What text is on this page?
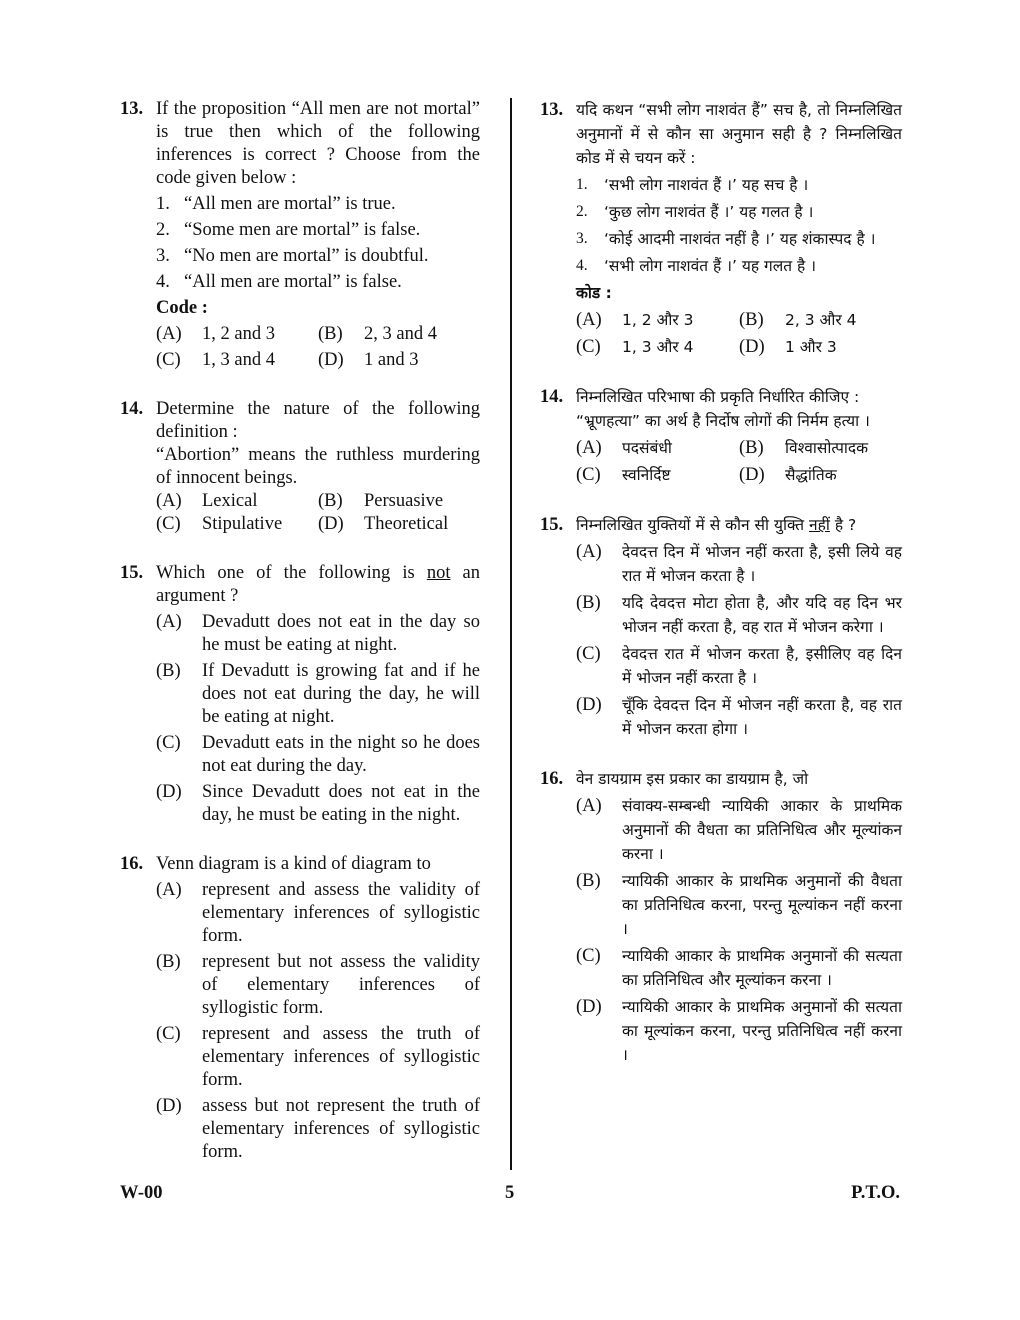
13. If the proposition “All men are not mortal” is true then which of the following inferences is correct ? Choose from the code given below :
1. “All men are mortal” is true.
2. “Some men are mortal” is false.
3. “No men are mortal” is doubtful.
4. “All men are mortal” is false.
Code :
(A)	1, 2 and 3	(B)	2, 3 and 4
(C)	1, 3 and 4	(D)	1 and 3
14. Determine the nature of the following definition :
“Abortion” means the ruthless murdering of innocent beings.
(A)	Lexical	(B)	Persuasive
(C)	Stipulative	(D)	Theoretical
15. Which one of the following is not an argument ?
(A)	Devadutt does not eat in the day so he must be eating at night.
(B)	If Devadutt is growing fat and if he does not eat during the day, he will be eating at night.
(C)	Devadutt eats in the night so he does not eat during the day.
(D)	Since Devadutt does not eat in the day, he must be eating in the night.
16. Venn diagram is a kind of diagram to
(A)	represent and assess the validity of elementary inferences of syllogistic form.
(B)	represent but not assess the validity of elementary inferences of syllogistic form.
(C)	represent and assess the truth of elementary inferences of syllogistic form.
(D)	assess but not represent the truth of elementary inferences of syllogistic form.
13. यदि कथन “सभी लोग नाशवंत हैं” सच है, तो निम्नलिखित अनुमानों में से कौन सा अनुमान सही है ? निम्नलिखित कोड में से चयन करें :
1.	‘सभी लोग नाशवंत हैं ।’ यह सच है ।
2.	‘कुछ लोग नाशवंत हैं ।’ यह गलत है ।
3.	‘कोई आदमी नाशवंत नहीं है ।’ यह शंकास्पद है ।
4.	‘सभी लोग नाशवंत हैं ।’ यह गलत है ।
कोड :
(A)	1, 2 और 3	(B)	2, 3 और 4
(C)	1, 3 और 4	(D)	1 और 3
14. निम्नलिखित परिभाषा की प्रकृति निर्धारित कीजिए :
“भ्रूणहत्या” का अर्थ है निर्दोष लोगों की निर्मम हत्या ।
(A)	पदसंबंधी	(B)	विश्वासोत्पादक
(C)	स्वनिर्दिष्ट	(D)	सैद्धांतिक
15. निम्नलिखित युक्तियों में से कौन सी युक्ति नहीं है ?
(A)	देवदत्त दिन में भोजन नहीं करता है, इसी लिये वह रात में भोजन करता है ।
(B)	यदि देवदत्त मोटा होता है, और यदि वह दिन भर भोजन नहीं करता है, वह रात में भोजन करेगा ।
(C)	देवदत्त रात में भोजन करता है, इसीलिए वह दिन में भोजन नहीं करता है ।
(D)	चूँकि देवदत्त दिन में भोजन नहीं करता है, वह रात में भोजन करता होगा ।
16. वेन डायग्राम इस प्रकार का डायग्राम है, जो
(A)	संवाक्य-सम्बन्धी न्यायिकी आकार के प्राथमिक अनुमानों की वैधता का प्रतिनिधित्व और मूल्यांकन करना ।
(B)	न्यायिकी आकार के प्राथमिक अनुमानों की वैधता का प्रतिनिधित्व करना, परन्तु मूल्यांकन नहीं करना ।
(C)	न्यायिकी आकार के प्राथमिक अनुमानों की सत्यता का प्रतिनिधित्व और मूल्यांकन करना ।
(D)	न्यायिकी आकार के प्राथमिक अनुमानों की सत्यता का मूल्यांकन करना, परन्तु प्रतिनिधित्व नहीं करना ।
W-00	5	P.T.O.
